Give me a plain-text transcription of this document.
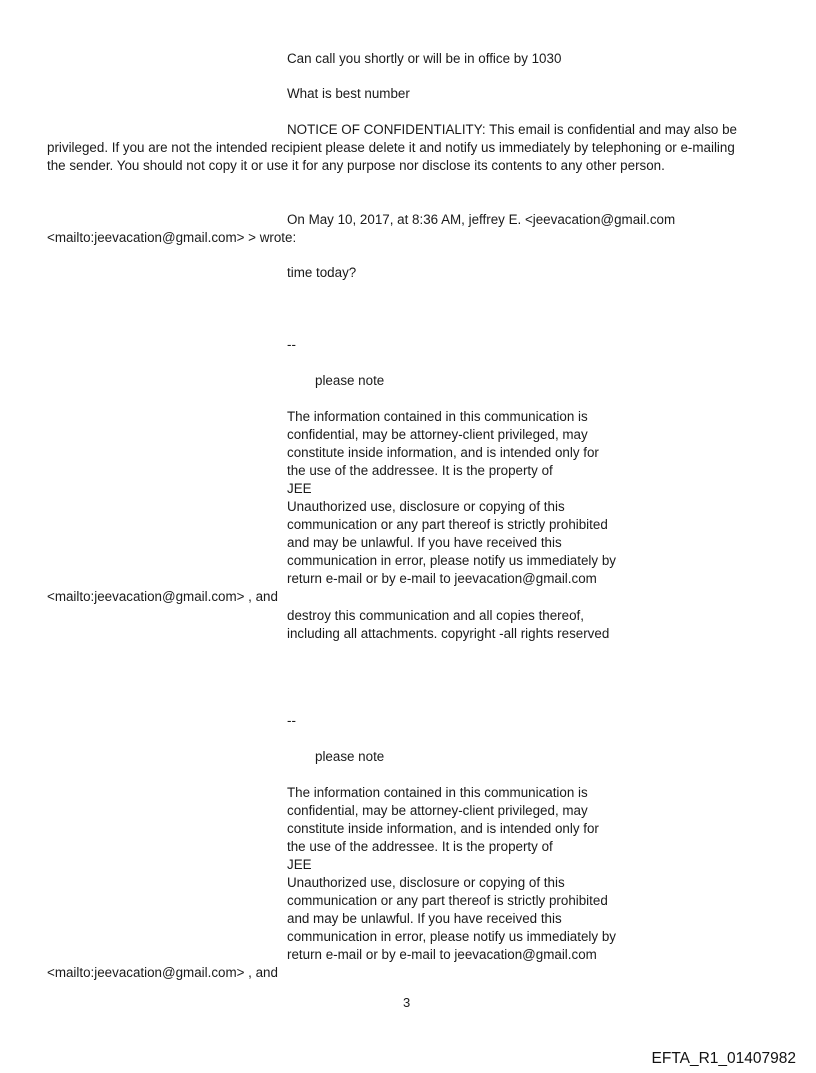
Can call you shortly or will be in office by 1030
What is best number
NOTICE OF CONFIDENTIALITY: This email is confidential and may also be
privileged. If you are not the intended recipient please delete it and notify us immediately by telephoning or e-mailing
the sender. You should not copy it or use it for any purpose nor disclose its contents to any other person.
On May 10, 2017, at 8:36 AM, jeffrey E. <jeevacation@gmail.com
<mailto:jeevacation@gmail.com> > wrote:
time today?
--
please note
The information contained in this communication is
confidential, may be attorney-client privileged, may
constitute inside information, and is intended only for
the use of the addressee. It is the property of
JEE
Unauthorized use, disclosure or copying of this
communication or any part thereof is strictly prohibited
and may be unlawful. If you have received this
communication in error, please notify us immediately by
return e-mail or by e-mail to jeevacation@gmail.com
<mailto:jeevacation@gmail.com> , and
destroy this communication and all copies thereof,
including all attachments. copyright -all rights reserved
--
please note
The information contained in this communication is
confidential, may be attorney-client privileged, may
constitute inside information, and is intended only for
the use of the addressee. It is the property of
JEE
Unauthorized use, disclosure or copying of this
communication or any part thereof is strictly prohibited
and may be unlawful. If you have received this
communication in error, please notify us immediately by
return e-mail or by e-mail to jeevacation@gmail.com
<mailto:jeevacation@gmail.com> , and
3
EFTA_R1_01407982
